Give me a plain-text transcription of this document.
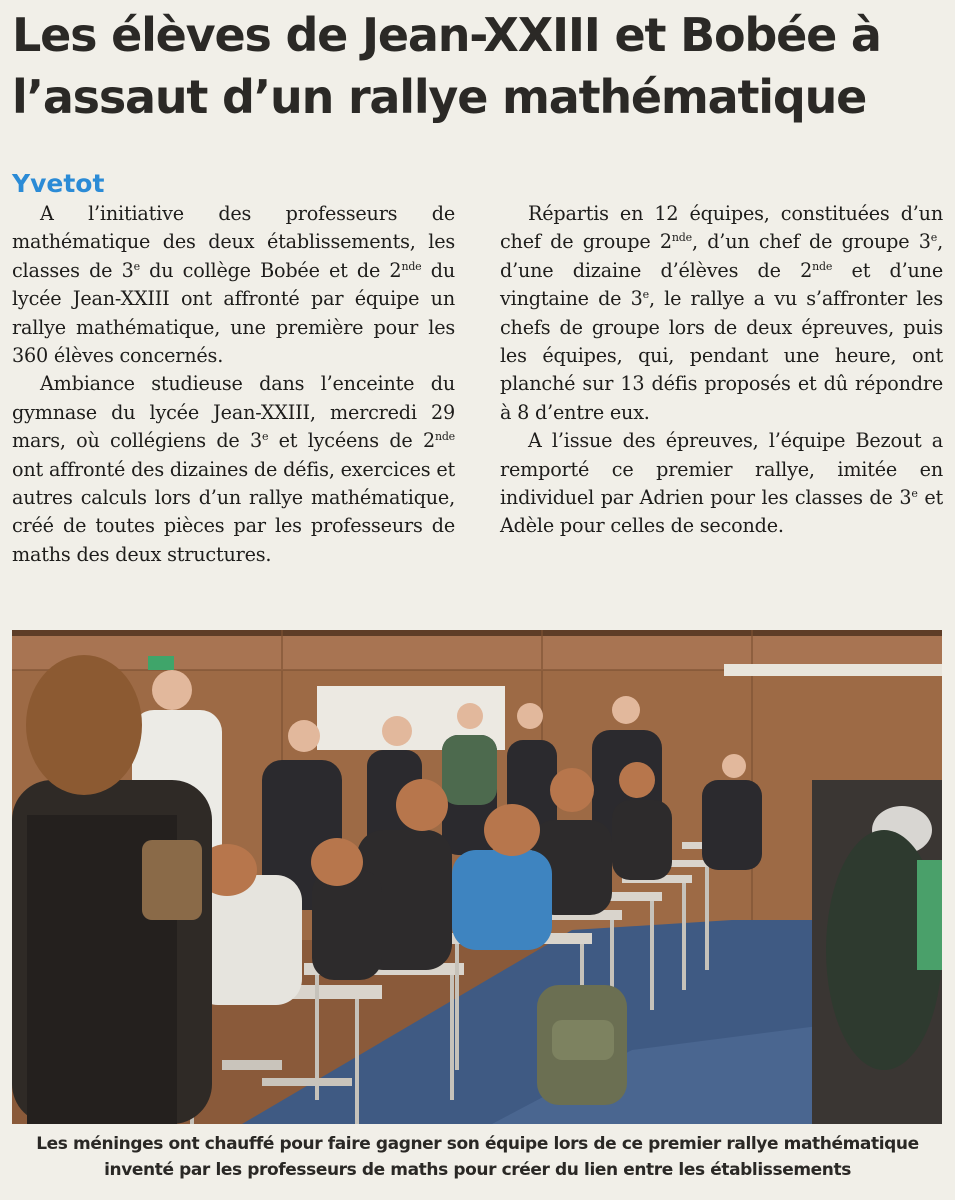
Les élèves de Jean-XXIII et Bobée à l’assaut d’un rallye mathématique
Yvetot

A l’initiative des professeurs de mathématique des deux établissements, les classes de 3e du collège Bobée et de 2nde du lycée Jean-XXIII ont affronté par équipe un rallye mathématique, une première pour les 360 élèves concernés.

Ambiance studieuse dans l’enceinte du gymnase du lycée Jean-XXIII, mercredi 29 mars, où collégiens de 3e et lycéens de 2nde ont affronté des dizaines de défis, exercices et autres calculs lors d’un rallye mathématique, créé de toutes pièces par les professeurs de maths des deux structures.

Répartis en 12 équipes, constituées d’un chef de groupe 2nde, d’un chef de groupe 3e, d’une dizaine d’élèves de 2nde et d’une vingtaine de 3e, le rallye a vu s’affronter les chefs de groupe lors de deux épreuves, puis les équipes, qui, pendant une heure, ont planché sur 13 défis proposés et dû répondre à 8 d’entre eux.

A l’issue des épreuves, l’équipe Bezout a remporté ce premier rallye, imitée en individuel par Adrien pour les classes de 3e et Adèle pour celles de seconde.

Les méninges ont chauffé pour faire gagner son équipe lors de ce premier rallye mathématique
inventé par les professeurs de maths pour créer du lien entre les établissements
